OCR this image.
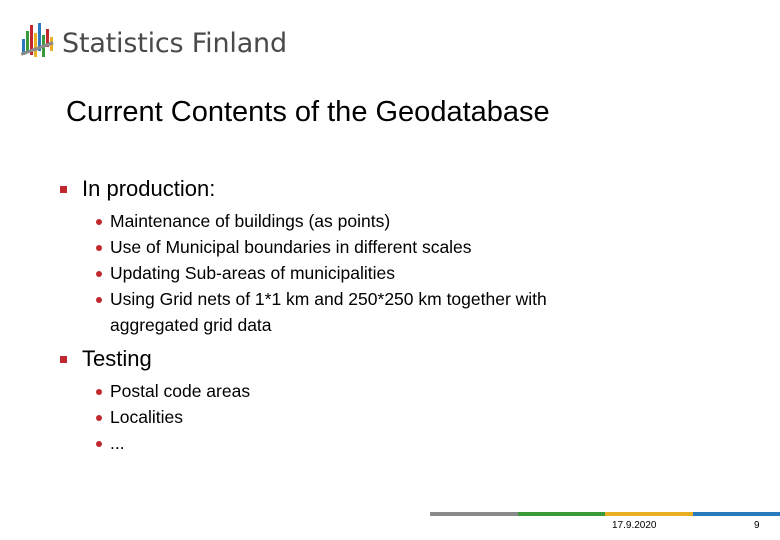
Statistics Finland
Current Contents of the Geodatabase
In production:
Maintenance of buildings (as points)
Use of Municipal boundaries in different scales
Updating Sub-areas of municipalities
Using Grid nets of 1*1 km and 250*250 km together with aggregated grid data
Testing
Postal code areas
Localities
...
17.9.2020	9
